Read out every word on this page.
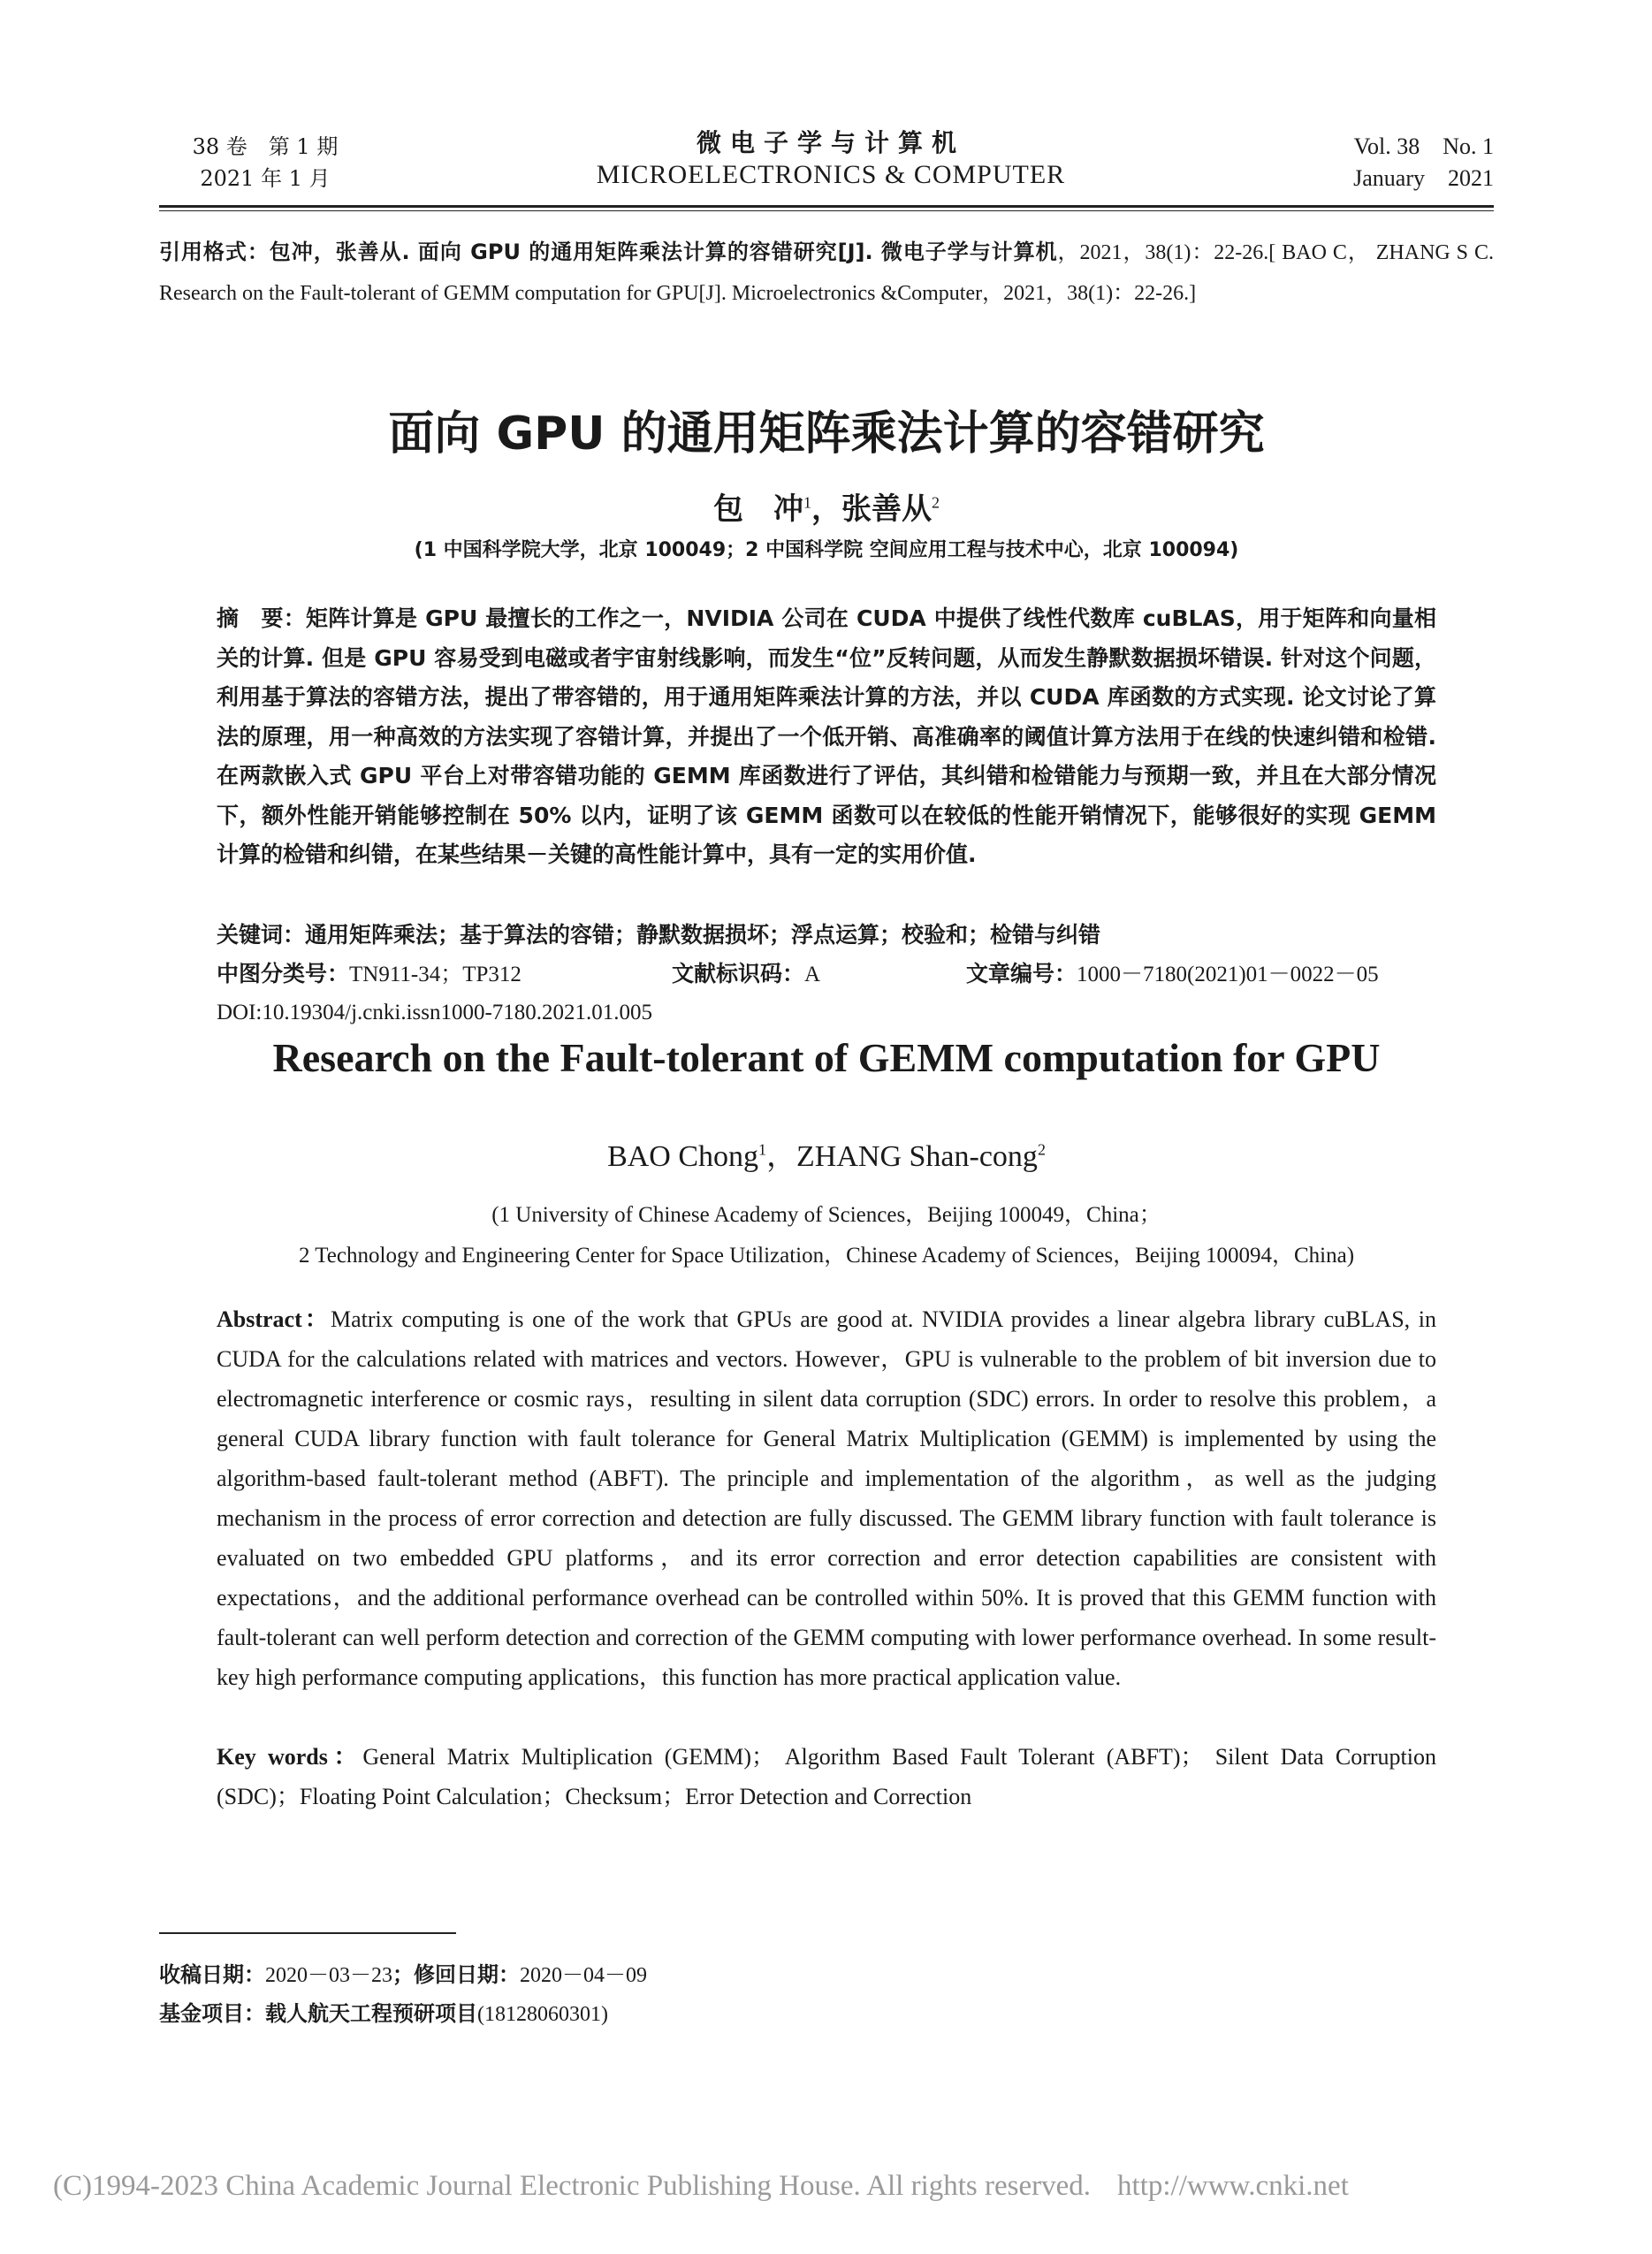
38 卷　第 1 期
2021 年 1 月
微电子学与计算机
MICROELECTRONICS & COMPUTER
Vol. 38　No. 1
January　2021
引用格式：包冲，张善从. 面向 GPU 的通用矩阵乘法计算的容错研究[J]. 微电子学与计算机，2021，38(1)：22-26.[ BAO C， ZHANG S C. Research on the Fault-tolerant of GEMM computation for GPU[J]. Microelectronics &Computer，2021，38(1)：22-26.]
面向 GPU 的通用矩阵乘法计算的容错研究
包　冲$^1$，张善从$^2$
(1 中国科学院大学，北京 100049；2 中国科学院 空间应用工程与技术中心，北京 100094)
摘　要：矩阵计算是 GPU 最擅长的工作之一，NVIDIA 公司在 CUDA 中提供了线性代数库 cuBLAS，用于矩阵和向量相关的计算. 但是 GPU 容易受到电磁或者宇宙射线影响，而发生“位”反转问题，从而发生静默数据损坏错误. 针对这个问题，利用基于算法的容错方法，提出了带容错的，用于通用矩阵乘法计算的方法，并以 CUDA 库函数的方式实现. 论文讨论了算法的原理，用一种高效的方法实现了容错计算，并提出了一个低开销、高准确率的阈值计算方法用于在线的快速纠错和检错. 在两款嵌入式 GPU 平台上对带容错功能的 GEMM 库函数进行了评估，其纠错和检错能力与预期一致，并且在大部分情况下，额外性能开销能够控制在 50% 以内，证明了该 GEMM 函数可以在较低的性能开销情况下，能够很好的实现 GEMM 计算的检错和纠错，在某些结果－关键的高性能计算中，具有一定的实用价值.
关键词：通用矩阵乘法；基于算法的容错；静默数据损坏；浮点运算；校验和；检错与纠错
中图分类号：TN911-34；TP312	文献标识码：A	文章编号：1000－7180(2021)01－0022－05
DOI:10.19304/j.cnki.issn1000-7180.2021.01.005
Research on the Fault-tolerant of GEMM computation for GPU
BAO Chong$^1$，ZHANG Shan-cong$^2$
(1 University of Chinese Academy of Sciences，Beijing 100049，China；
2 Technology and Engineering Center for Space Utilization，Chinese Academy of Sciences，Beijing 100094，China)
Abstract：Matrix computing is one of the work that GPUs are good at. NVIDIA provides a linear algebra library cuBLAS, in CUDA for the calculations related with matrices and vectors. However，GPU is vulnerable to the problem of bit inversion due to electromagnetic interference or cosmic rays，resulting in silent data corruption (SDC) errors. In order to resolve this problem，a general CUDA library function with fault tolerance for General Matrix Multiplication (GEMM) is implemented by using the algorithm-based fault-tolerant method (ABFT). The principle and implementation of the algorithm，as well as the judging mechanism in the process of error correction and detection are fully discussed. The GEMM library function with fault tolerance is evaluated on two embedded GPU platforms，and its error correction and error detection capabilities are consistent with expectations，and the additional performance overhead can be controlled within 50%. It is proved that this GEMM function with fault-tolerant can well perform detection and correction of the GEMM computing with lower performance overhead. In some result-key high performance computing applications，this function has more practical application value.
Key words：General Matrix Multiplication (GEMM)； Algorithm Based Fault Tolerant (ABFT)； Silent Data Corruption (SDC)；Floating Point Calculation；Checksum；Error Detection and Correction
收稿日期：2020－03－23；修回日期：2020－04－09
基金项目：载人航天工程预研项目(18128060301)
(C)1994-2023 China Academic Journal Electronic Publishing House. All rights reserved. http://www.cnki.net
